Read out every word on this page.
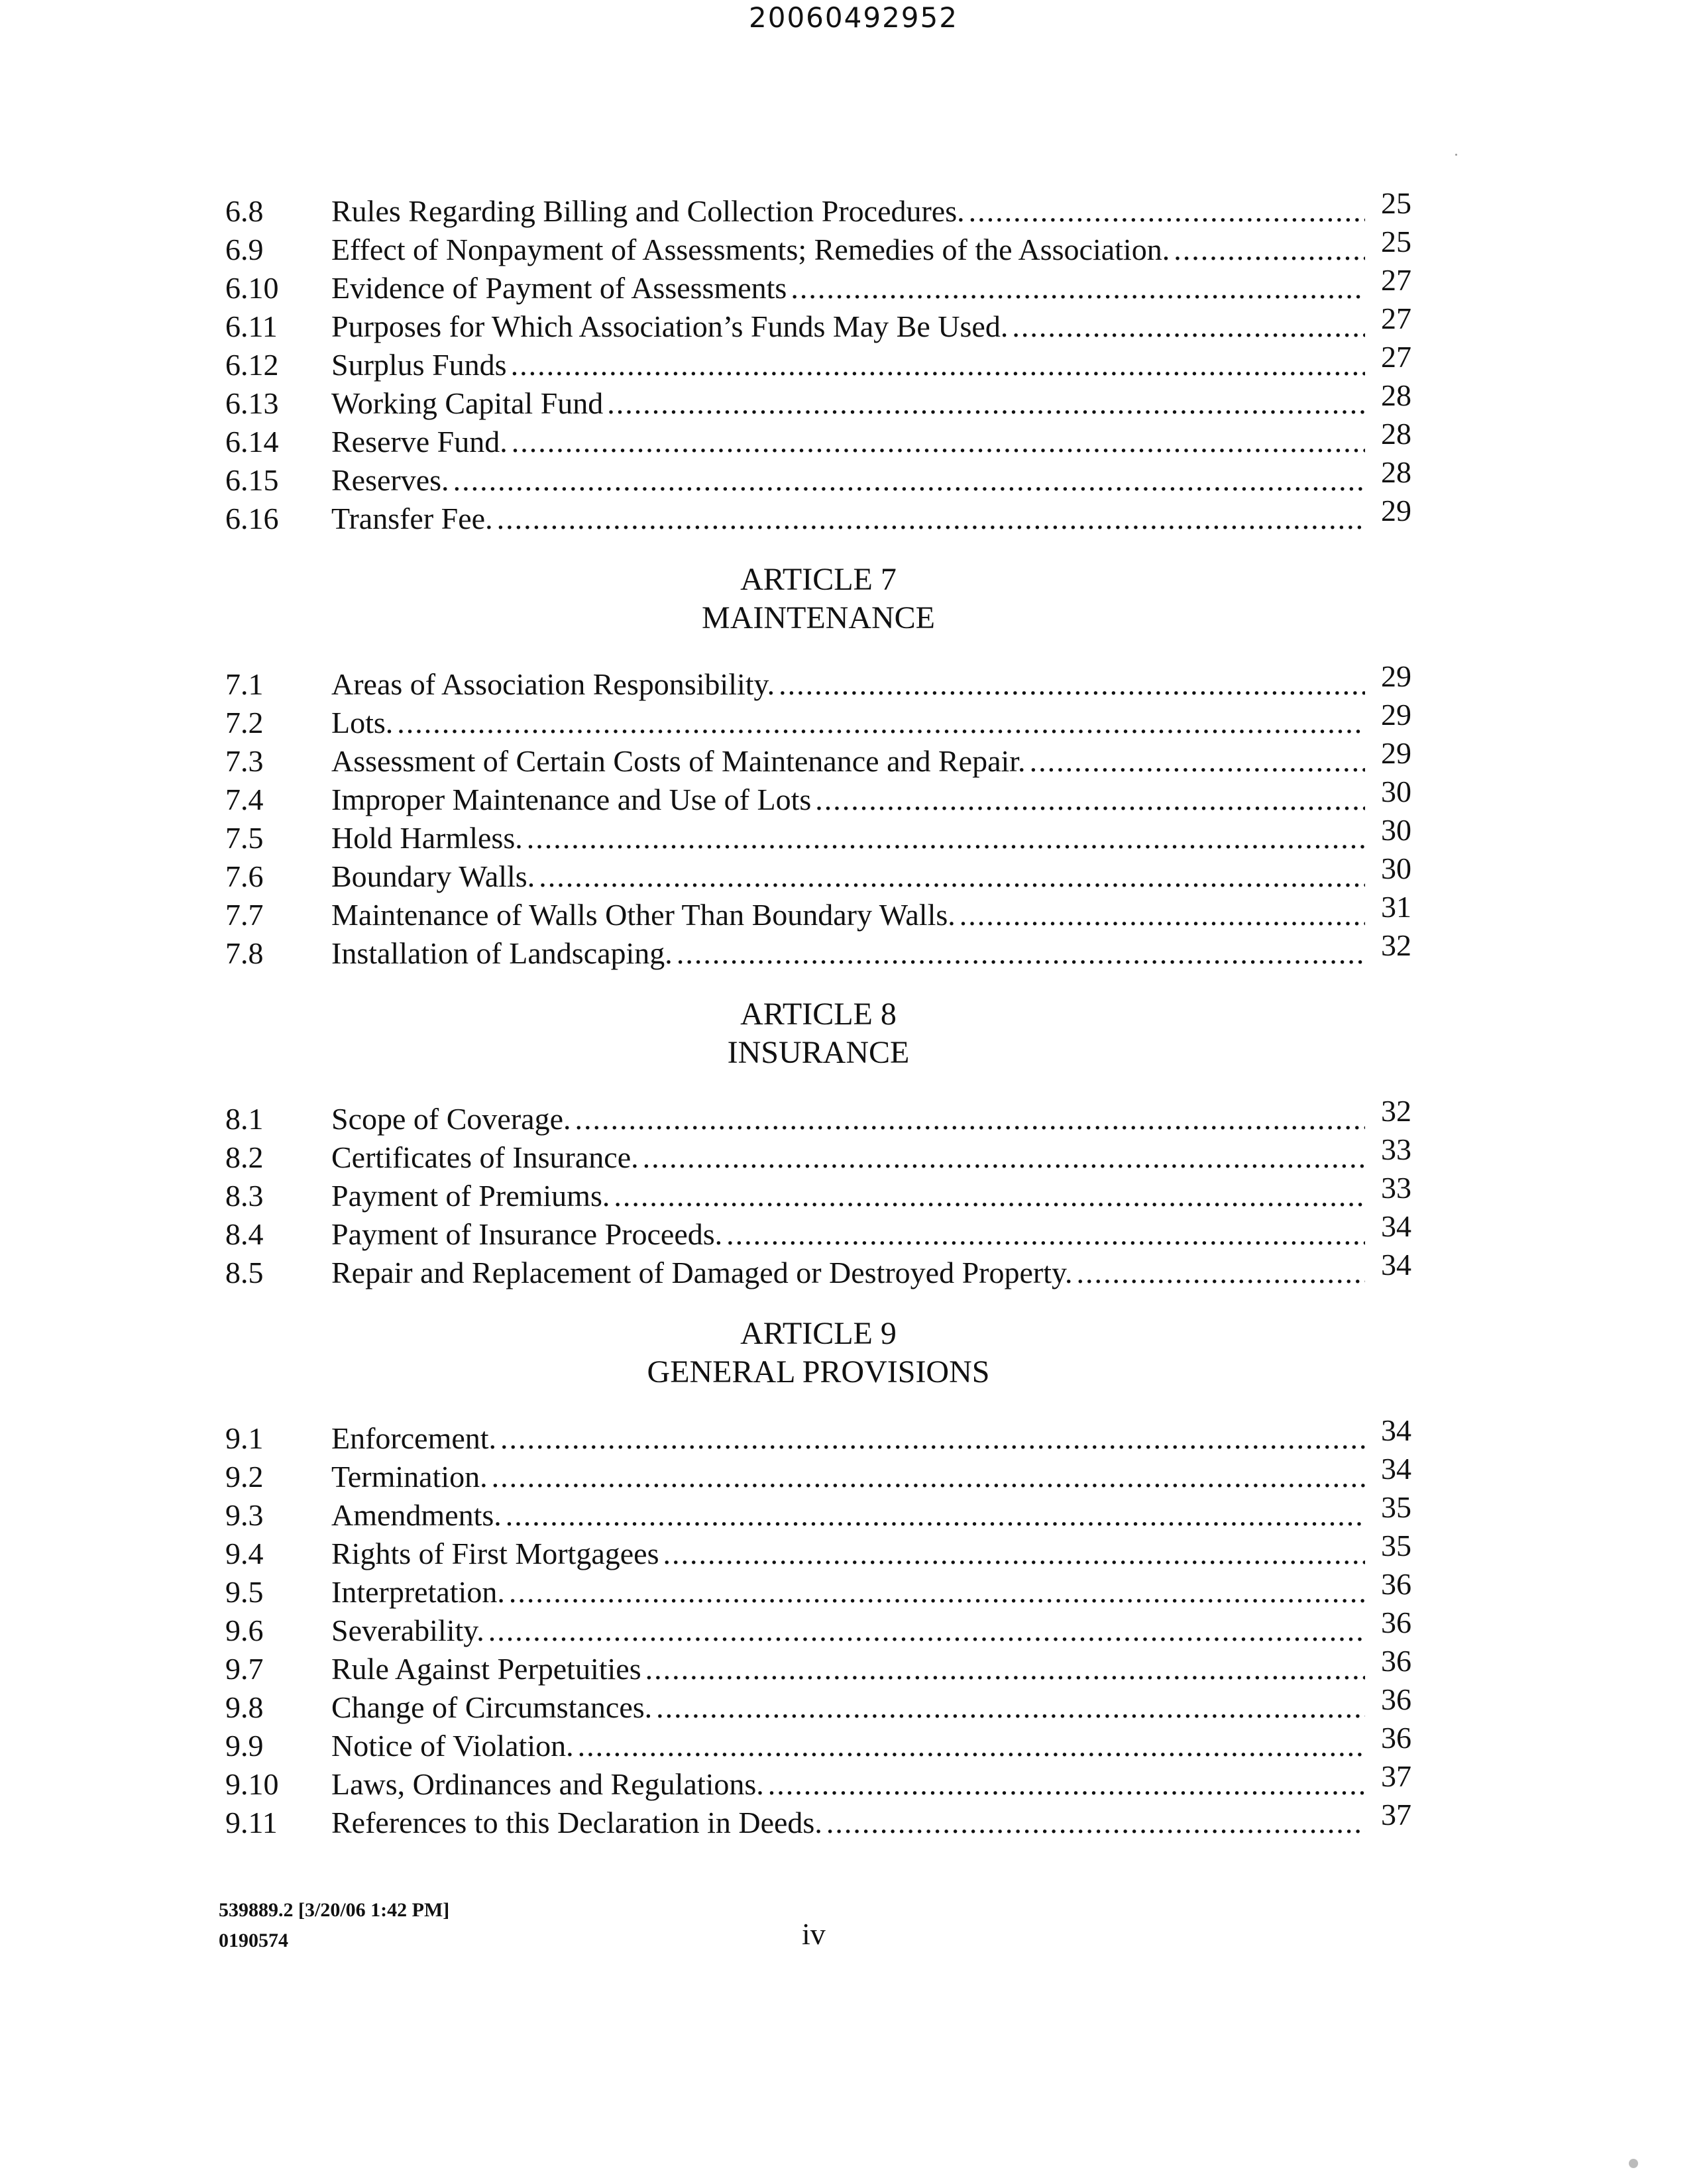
20060492952
6.8	Rules Regarding Billing and Collection Procedures. .....	25
6.9	Effect of Nonpayment of Assessments; Remedies of the Association. .....	25
6.10	Evidence of Payment of Assessments .....	27
6.11	Purposes for Which Association’s Funds May Be Used. .....	27
6.12	Surplus Funds .....	27
6.13	Working Capital Fund .....	28
6.14	Reserve Fund. .....	28
6.15	Reserves. .....	28
6.16	Transfer Fee. .....	29
ARTICLE 7
MAINTENANCE
7.1	Areas of Association Responsibility. .....	29
7.2	Lots. .....	29
7.3	Assessment of Certain Costs of Maintenance and Repair. .....	29
7.4	Improper Maintenance and Use of Lots .....	30
7.5	Hold Harmless. .....	30
7.6	Boundary Walls. .....	30
7.7	Maintenance of Walls Other Than Boundary Walls. .....	31
7.8	Installation of Landscaping. .....	32
ARTICLE 8
INSURANCE
8.1	Scope of Coverage. .....	32
8.2	Certificates of Insurance. .....	33
8.3	Payment of Premiums. .....	33
8.4	Payment of Insurance Proceeds. .....	34
8.5	Repair and Replacement of Damaged or Destroyed Property. .....	34
ARTICLE 9
GENERAL PROVISIONS
9.1	Enforcement. .....	34
9.2	Termination. .....	34
9.3	Amendments. .....	35
9.4	Rights of First Mortgagees .....	35
9.5	Interpretation. .....	36
9.6	Severability. .....	36
9.7	Rule Against Perpetuities .....	36
9.8	Change of Circumstances. .....	36
9.9	Notice of Violation. .....	36
9.10	Laws, Ordinances and Regulations. .....	37
9.11	References to this Declaration in Deeds. .....	37
539889.2 [3/20/06 1:42 PM]
0190574	iv
